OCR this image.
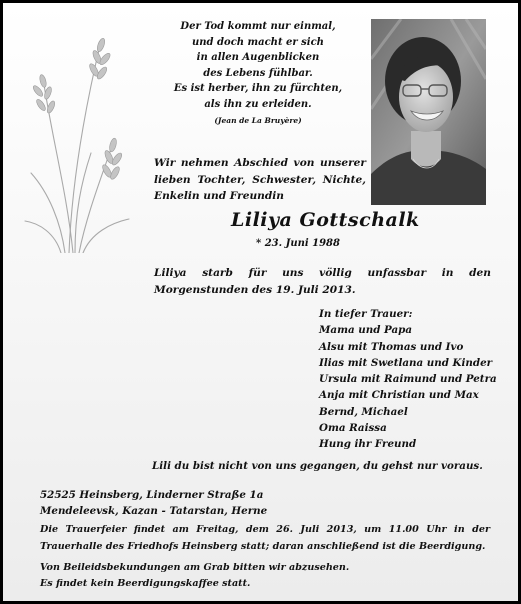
Der Tod kommt nur einmal,
und doch macht er sich
in allen Augenblicken
des Lebens fühlbar.
Es ist herber, ihn zu fürchten,
als ihn zu erleiden.
(Jean de La Bruyère)
Wir nehmen Abschied von unserer lieben Tochter, Schwester, Nichte, Enkelin und Freundin
Liliya Gottschalk
* 23. Juni 1988
Liliya starb für uns völlig unfassbar in den Morgenstunden des 19. Juli 2013.
In tiefer Trauer:
Mama und Papa
Alsu mit Thomas und Ivo
Ilias mit Swetlana und Kinder
Ursula mit Raimund und Petra
Anja mit Christian und Max
Bernd, Michael
Oma Raissa
Hung ihr Freund
Lili du bist nicht von uns gegangen, du gehst nur voraus.
52525 Heinsberg, Linderner Straße 1a
Mendeleevsk, Kazan - Tatarstan, Herne
Die Trauerfeier findet am Freitag, dem 26. Juli 2013, um 11.00 Uhr in der Trauerhalle des Friedhofs Heinsberg statt; daran anschließend ist die Beerdigung.
Von Beileidsbekundungen am Grab bitten wir abzusehen.
Es findet kein Beerdigungskaffee statt.
